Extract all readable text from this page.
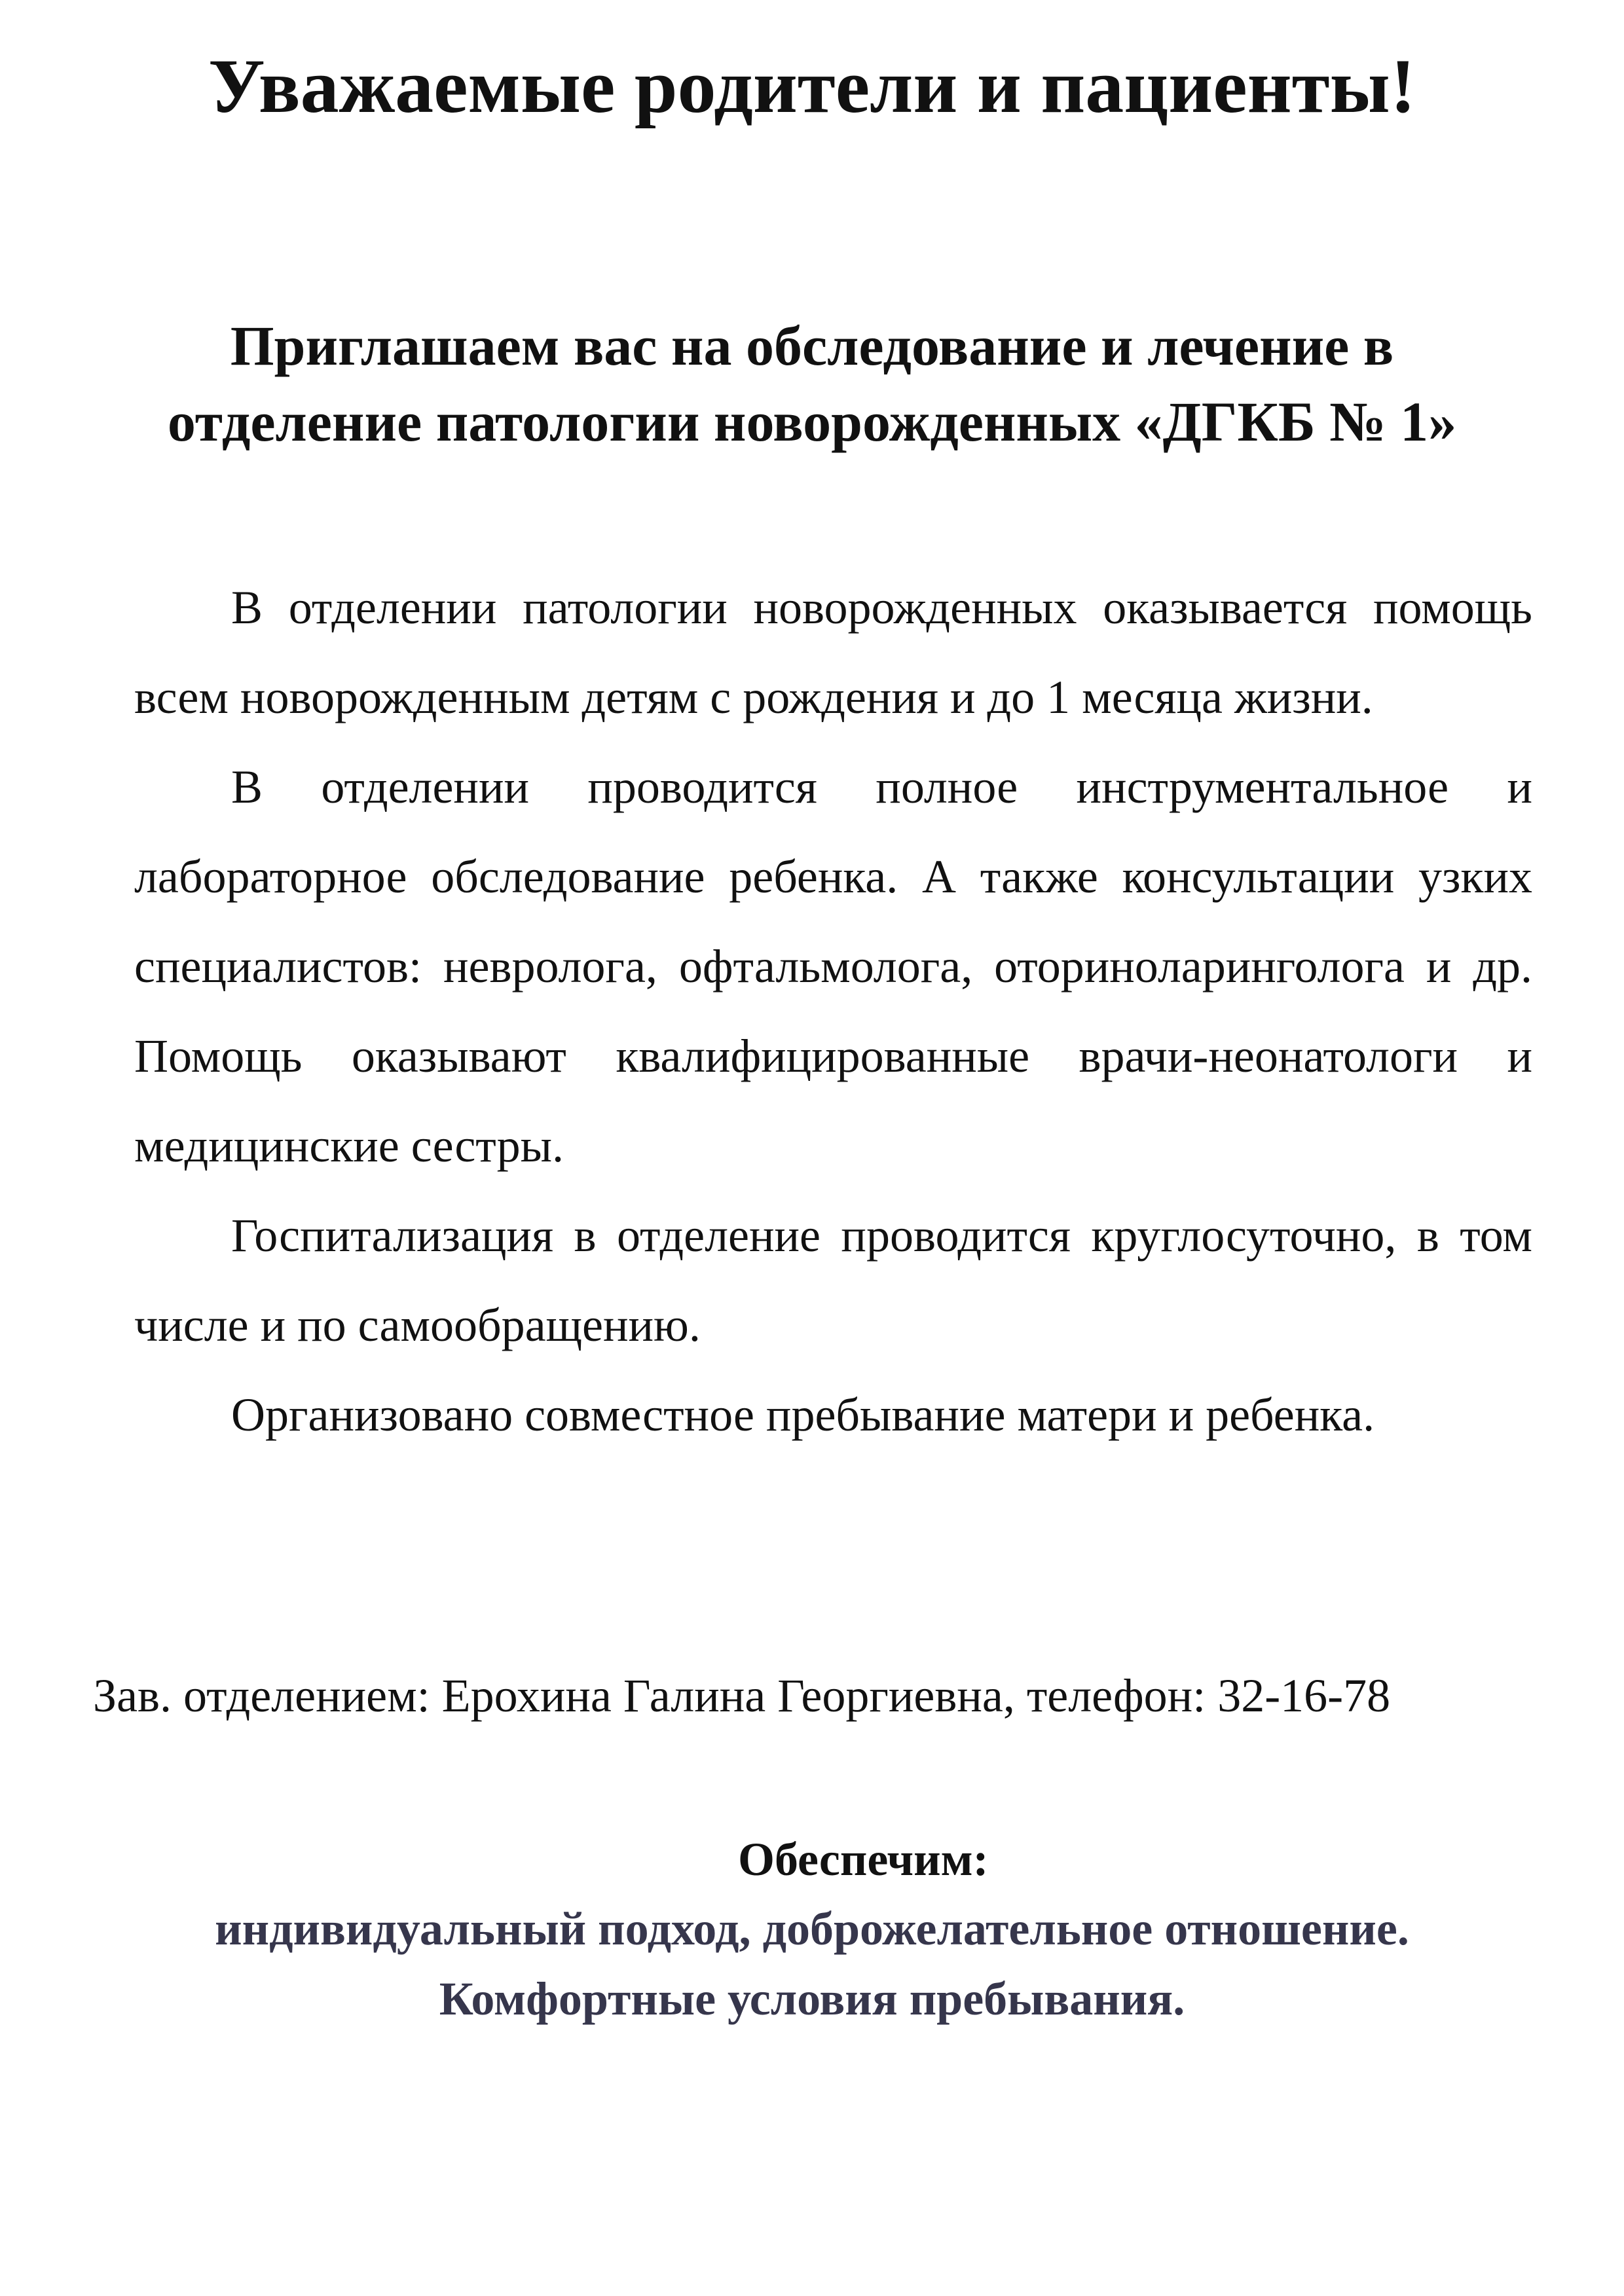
Уважаемые родители и пациенты!
Приглашаем вас на обследование и лечение в
отделение патологии новорожденных «ДГКБ № 1»

В отделении патологии новорожденных оказывается помощь всем новорожденным детям с рождения и до 1 месяца жизни.

В отделении проводится полное инструментальное и лабораторное обследование ребенка. А также консультации узких специалистов: невролога, офтальмолога, оториноларинголога и др. Помощь оказывают квалифицированные врачи-неонатологи и медицинские сестры.

Госпитализация в отделение проводится круглосуточно, в том числе и по самообращению.

Организовано совместное пребывание матери и ребенка.

Зав. отделением: Ерохина Галина Георгиевна, телефон: 32-16-78

Обеспечим:

индивидуальный подход, доброжелательное отношение.

Комфортные условия пребывания.
